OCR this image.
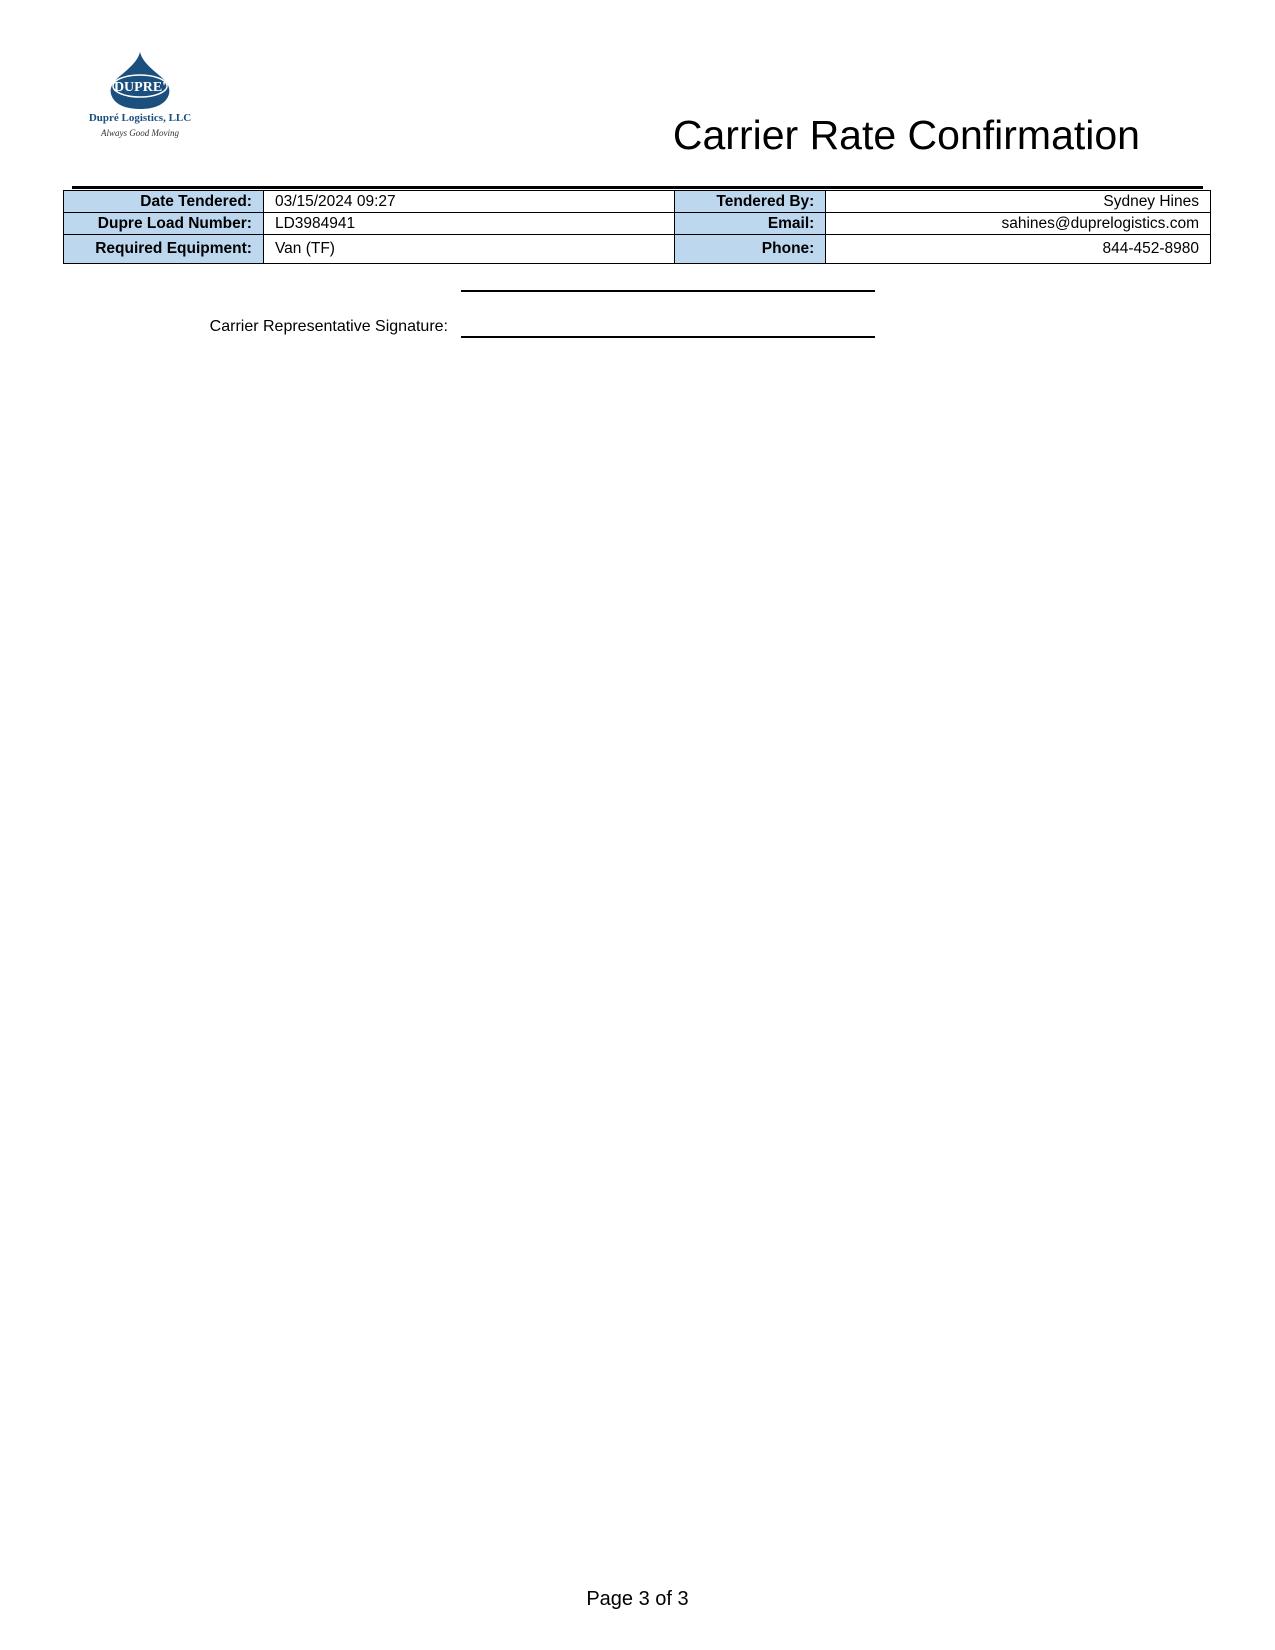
DUPRE'
Dupré Logistics, LLC
Always Good Moving	Carrier Rate Confirmation
Date Tendered:	03/15/2024 09:27	Tendered By:	Sydney Hines
Dupre Load Number:	LD3984941	Email:	sahines@duprelogistics.com
Required Equipment:	Van (TF)	Phone:	844-452-8980
Carrier Representative Signature:
Page 3 of 3
